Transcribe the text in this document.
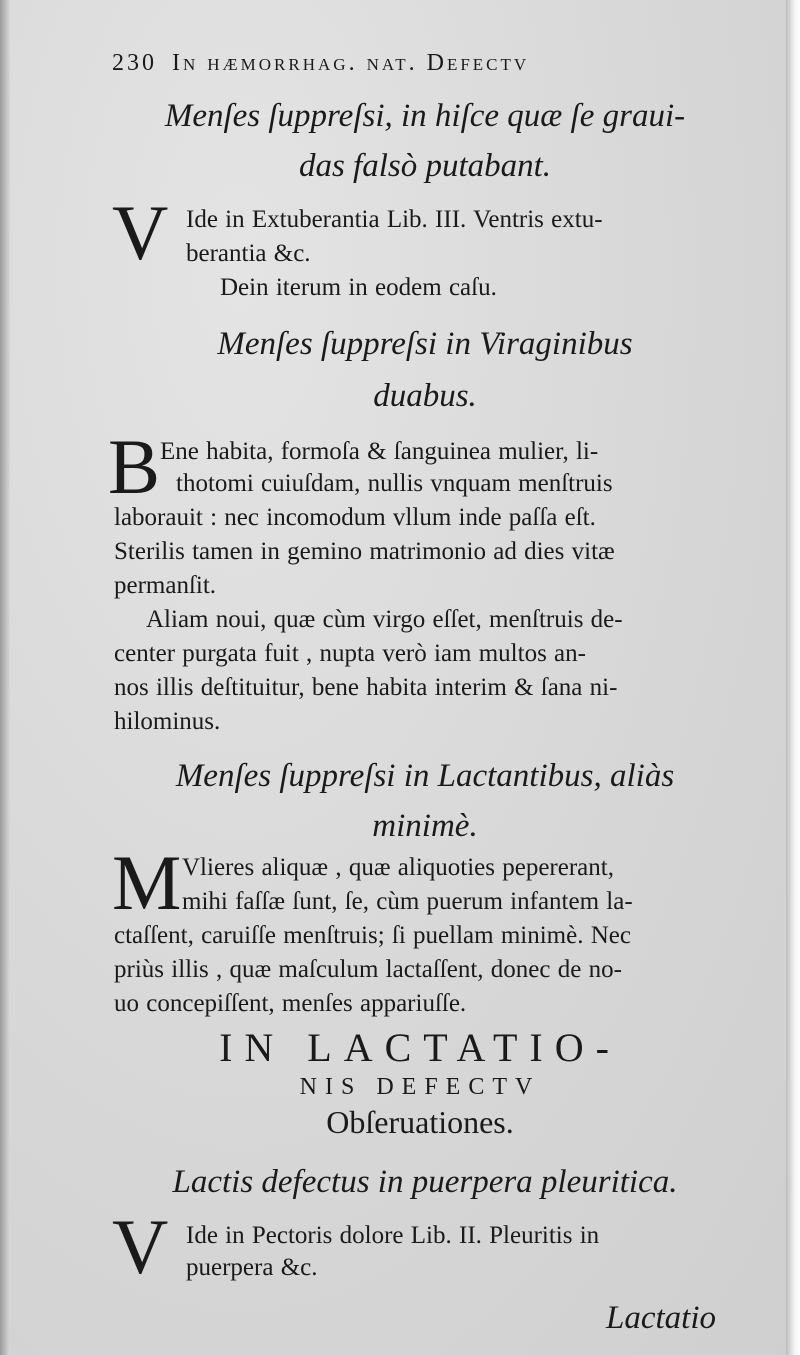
230 In hæmorrhag. nat. Defectv
Menſes ſuppreſsi, in hiſce quæ ſe graui-
das falsò putabant.
V Ide in Extuberantia Lib. III. Ventris extu-
berantia &c.
Dein iterum in eodem caſu.
Menſes ſuppreſsi in Viraginibus
duabus.
B Ene habita, formoſa & ſanguinea mulier, li-
thotomi cuiuſdam, nullis vnquam menſtruis
laborauit : nec incomodum vllum inde paſſa eſt.
Sterilis tamen in gemino matrimonio ad dies vitæ
permanſit.
Aliam noui, quæ cùm virgo eſſet, menſtruis de-
center purgata fuit , nupta verò iam multos an-
nos illis deſtituitur, bene habita interim & ſana ni-
hilominus.
Menſes ſuppreſsi in Lactantibus, aliàs
minimè.
M Vlieres aliquæ , quæ aliquoties pepererant,
mihi faſſæ ſunt, ſe, cùm puerum infantem la-
ctaſſent, caruiſſe menſtruis; ſi puellam minimè. Nec
priùs illis , quæ maſculum lactaſſent, donec de no-
uo concepiſſent, menſes appariuſſe.
IN LACTATIO-
NIS DEFECTV
Obſeruationes.
Lactis defectus in puerpera pleuritica.
V Ide in Pectoris dolore Lib. II. Pleuritis in
puerpera &c.
Lactatio
